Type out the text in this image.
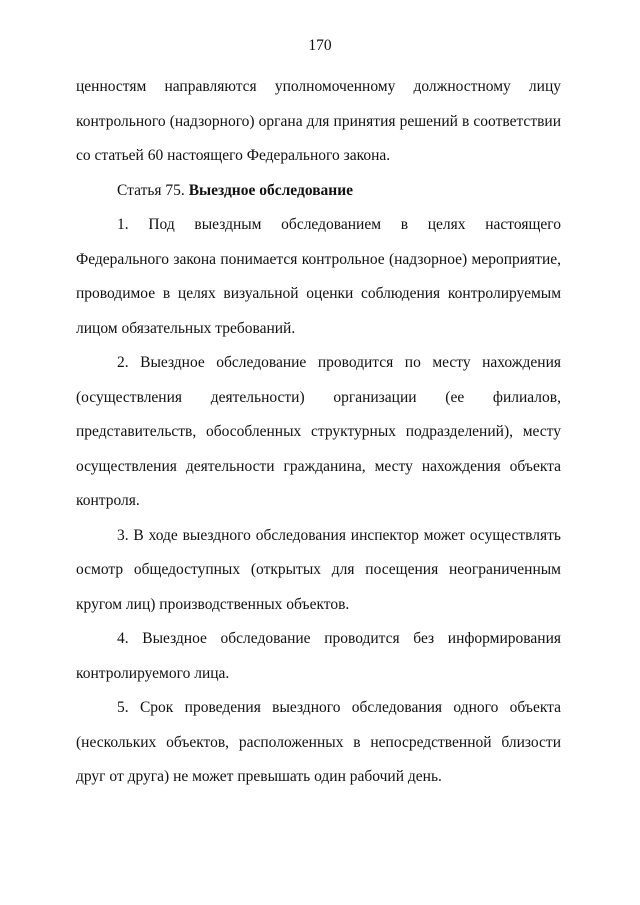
170

ценностям направляются уполномоченному должностному лицу контрольного (надзорного) органа для принятия решений в соответствии со статьей 60 настоящего Федерального закона.

Статья 75. Выездное обследование

1. Под выездным обследованием в целях настоящего Федерального закона понимается контрольное (надзорное) мероприятие, проводимое в целях визуальной оценки соблюдения контролируемым лицом обязательных требований.

2. Выездное обследование проводится по месту нахождения (осуществления деятельности) организации (ее филиалов, представительств, обособленных структурных подразделений), месту осуществления деятельности гражданина, месту нахождения объекта контроля.

3. В ходе выездного обследования инспектор может осуществлять осмотр общедоступных (открытых для посещения неограниченным кругом лиц) производственных объектов.

4. Выездное обследование проводится без информирования контролируемого лица.

5. Срок проведения выездного обследования одного объекта (нескольких объектов, расположенных в непосредственной близости друг от друга) не может превышать один рабочий день.
